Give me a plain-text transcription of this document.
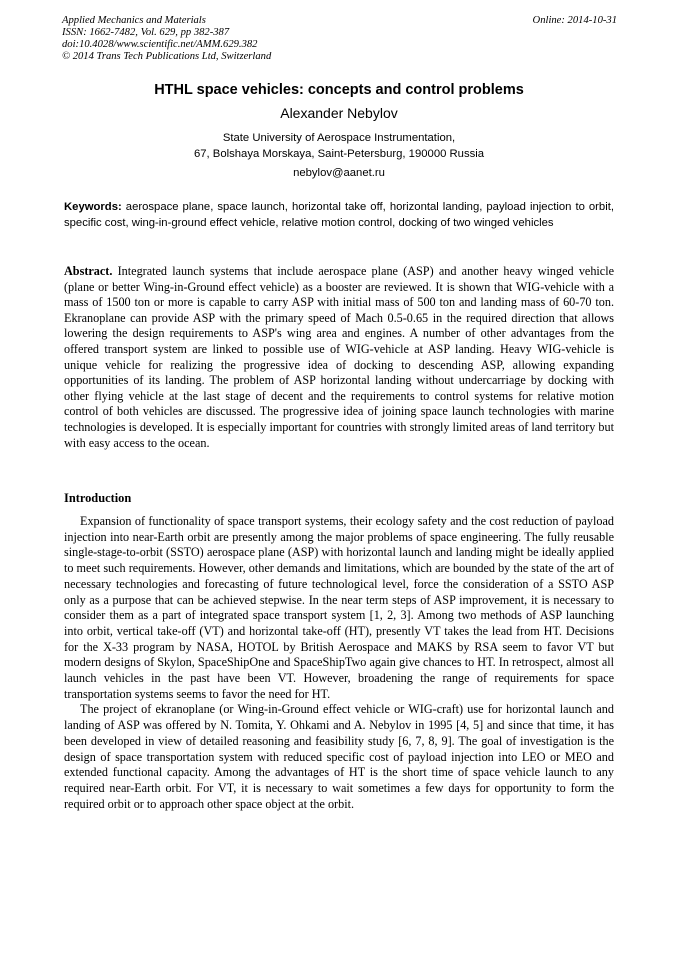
Applied Mechanics and Materials
ISSN: 1662-7482, Vol. 629, pp 382-387
doi:10.4028/www.scientific.net/AMM.629.382
© 2014 Trans Tech Publications Ltd, Switzerland
Online: 2014-10-31
HTHL space vehicles: concepts and control problems
Alexander Nebylov
State University of Aerospace Instrumentation,
67, Bolshaya Morskaya, Saint-Petersburg, 190000 Russia
nebylov@aanet.ru
Keywords: aerospace plane, space launch, horizontal take off, horizontal landing, payload injection to orbit, specific cost, wing-in-ground effect vehicle, relative motion control, docking of two winged vehicles
Abstract. Integrated launch systems that include aerospace plane (ASP) and another heavy winged vehicle (plane or better Wing-in-Ground effect vehicle) as a booster are reviewed. It is shown that WIG-vehicle with a mass of 1500 ton or more is capable to carry ASP with initial mass of 500 ton and landing mass of 60-70 ton. Ekranoplane can provide ASP with the primary speed of Mach 0.5-0.65 in the required direction that allows lowering the design requirements to ASP's wing area and engines. A number of other advantages from the offered transport system are linked to possible use of WIG-vehicle at ASP landing. Heavy WIG-vehicle is unique vehicle for realizing the progressive idea of docking to descending ASP, allowing expanding opportunities of its landing. The problem of ASP horizontal landing without undercarriage by docking with other flying vehicle at the last stage of decent and the requirements to control systems for relative motion control of both vehicles are discussed. The progressive idea of joining space launch technologies with marine technologies is developed. It is especially important for countries with strongly limited areas of land territory but with easy access to the ocean.
Introduction

Expansion of functionality of space transport systems, their ecology safety and the cost reduction of payload injection into near-Earth orbit are presently among the major problems of space engineering. The fully reusable single-stage-to-orbit (SSTO) aerospace plane (ASP) with horizontal launch and landing might be ideally applied to meet such requirements. However, other demands and limitations, which are bounded by the state of the art of necessary technologies and forecasting of future technological level, force the consideration of a SSTO ASP only as a purpose that can be achieved stepwise. In the near term steps of ASP improvement, it is necessary to consider them as a part of integrated space transport system [1, 2, 3]. Among two methods of ASP launching into orbit, vertical take-off (VT) and horizontal take-off (HT), presently VT takes the lead from HT. Decisions for the X-33 program by NASA, HOTOL by British Aerospace and MAKS by RSA seem to favor VT but modern designs of Skylon, SpaceShipOne and SpaceShipTwo again give chances to HT. In retrospect, almost all launch vehicles in the past have been VT. However, broadening the range of requirements for space transportation systems seems to favor the need for HT.

The project of ekranoplane (or Wing-in-Ground effect vehicle or WIG-craft) use for horizontal launch and landing of ASP was offered by N. Tomita, Y. Ohkami and A. Nebylov in 1995 [4, 5] and since that time, it has been developed in view of detailed reasoning and feasibility study [6, 7, 8, 9]. The goal of investigation is the design of space transportation system with reduced specific cost of payload injection into LEO or MEO and extended functional capacity. Among the advantages of HT is the short time of space vehicle launch to any required near-Earth orbit. For VT, it is necessary to wait sometimes a few days for opportunity to form the required orbit or to approach other space object at the orbit.
